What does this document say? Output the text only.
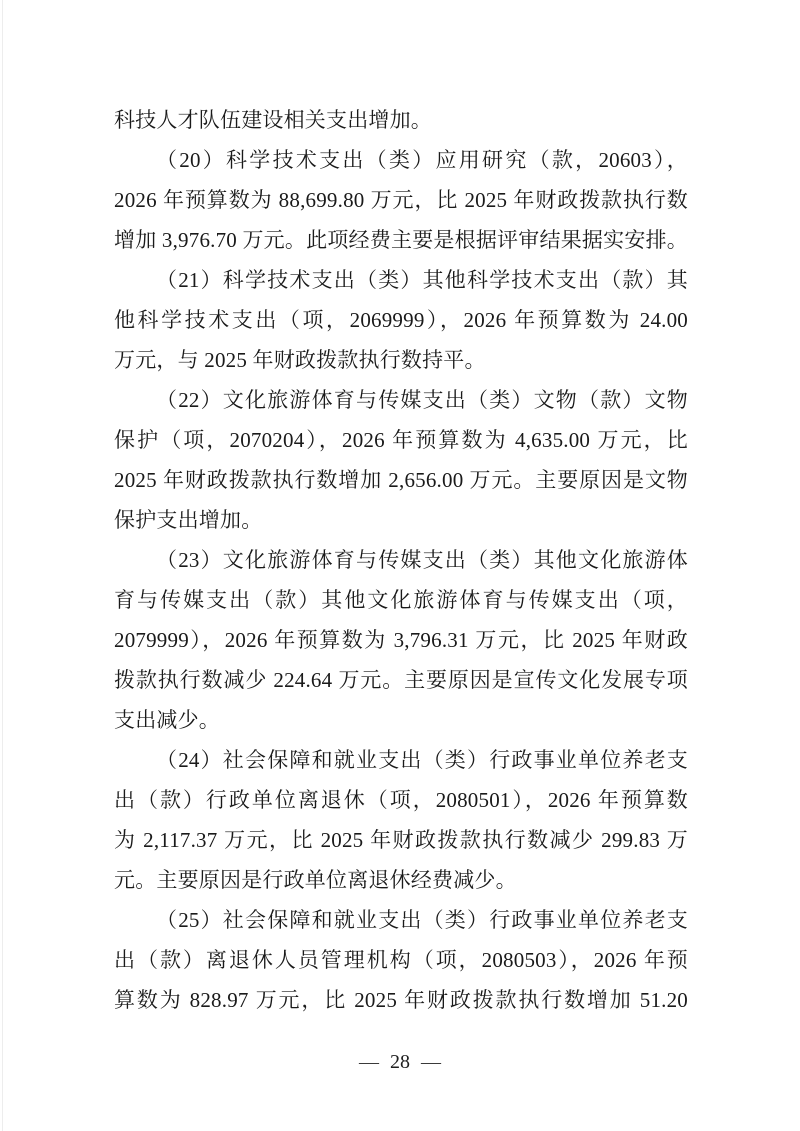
科技人才队伍建设相关支出增加。
（20）科学技术支出（类）应用研究（款，20603），
2026 年预算数为 88,699.80 万元，比 2025 年财政拨款执行数
增加 3,976.70 万元。此项经费主要是根据评审结果据实安排。
（21）科学技术支出（类）其他科学技术支出（款）其
他科学技术支出（项，2069999），2026 年预算数为 24.00
万元，与 2025 年财政拨款执行数持平。
（22）文化旅游体育与传媒支出（类）文物（款）文物
保护（项，2070204），2026 年预算数为 4,635.00 万元，比
2025 年财政拨款执行数增加 2,656.00 万元。主要原因是文物
保护支出增加。
（23）文化旅游体育与传媒支出（类）其他文化旅游体
育与传媒支出（款）其他文化旅游体育与传媒支出（项，
2079999），2026 年预算数为 3,796.31 万元，比 2025 年财政
拨款执行数减少 224.64 万元。主要原因是宣传文化发展专项
支出减少。
（24）社会保障和就业支出（类）行政事业单位养老支
出（款）行政单位离退休（项，2080501），2026 年预算数
为 2,117.37 万元，比 2025 年财政拨款执行数减少 299.83 万
元。主要原因是行政单位离退休经费减少。
（25）社会保障和就业支出（类）行政事业单位养老支
出（款）离退休人员管理机构（项，2080503），2026 年预
算数为 828.97 万元，比 2025 年财政拨款执行数增加 51.20
— 28 —
